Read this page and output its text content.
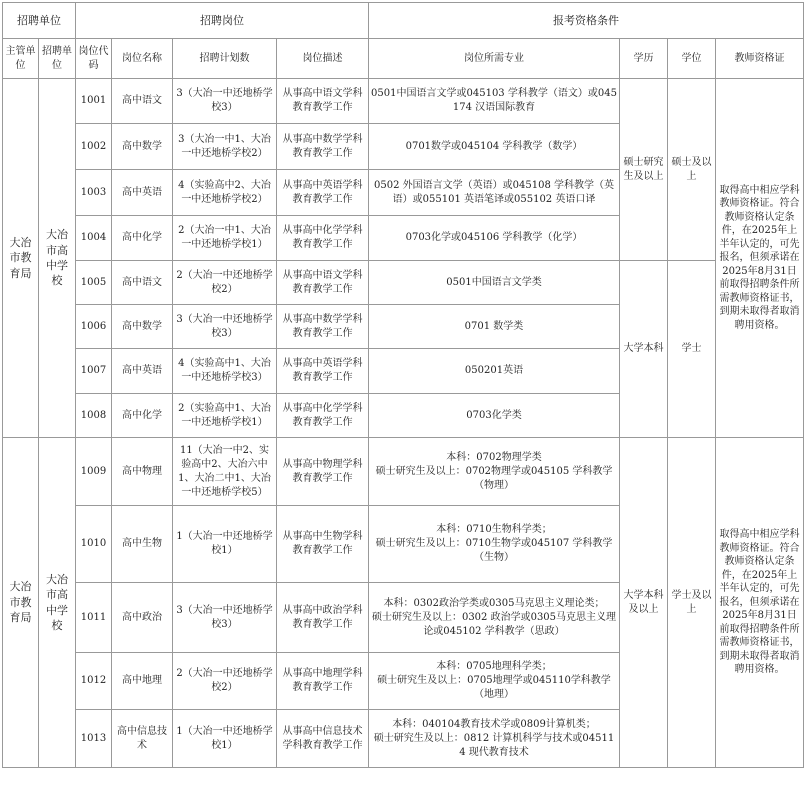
招聘单位		招聘岗位				报考资格条件			
主管单位	招聘单位	岗位代码	岗位名称	招聘计划数	岗位描述	岗位所需专业	学历	学位	教师资格证
大冶市教育局	大冶市高中学校	1001	高中语文	3（大冶一中还地桥学校3）	从事高中语文学科教育教学工作	0501中国语言文学或045103 学科教学（语文）或045174 汉语国际教育	硕士研究生及以上	硕士及以上	取得高中相应学科教师资格证。符合教师资格认定条件，在2025年上半年认定的，可先报名，但须承诺在2025年8月31日前取得招聘条件所需教师资格证书，到期未取得者取消聘用资格。
		1002	高中数学	3（大冶一中1、大冶一中还地桥学校2）	从事高中数学学科教育教学工作	0701数学或045104 学科教学（数学）			
		1003	高中英语	4（实验高中2、大冶一中还地桥学校2）	从事高中英语学科教育教学工作	0502 外国语言文学（英语）或045108 学科教学（英语）或055101 英语笔译或055102 英语口译			
		1004	高中化学	2（大冶一中1、大冶一中还地桥学校1）	从事高中化学学科教育教学工作	0703化学或045106 学科教学（化学）			
		1005	高中语文	2（大冶一中还地桥学校2）	从事高中语文学科教育教学工作	0501中国语言文学类	大学本科	学士	
		1006	高中数学	3（大冶一中还地桥学校3）	从事高中数学学科教育教学工作	0701 数学类			
		1007	高中英语	4（实验高中1、大冶一中还地桥学校3）	从事高中英语学科教育教学工作	050201英语			
		1008	高中化学	2（实验高中1、大冶一中还地桥学校1）	从事高中化学学科教育教学工作	0703化学类			
大冶市教育局	大冶市高中学校	1009	高中物理	11（大冶一中2、实验高中2、大冶六中1、大冶二中1、大冶一中还地桥学校5）	从事高中物理学科教育教学工作	本科：0702物理学类
硕士研究生及以上：0702物理学或045105 学科教学（物理）	大学本科及以上	学士及以上	取得高中相应学科教师资格证。符合教师资格认定条件，在2025年上半年认定的，可先报名，但须承诺在2025年8月31日前取得招聘条件所需教师资格证书，到期未取得者取消聘用资格。
		1010	高中生物	1（大冶一中还地桥学校1）	从事高中生物学科教育教学工作	本科：0710生物科学类；
硕士研究生及以上：0710生物学或045107 学科教学（生物）			
		1011	高中政治	3（大冶一中还地桥学校3）	从事高中政治学科教育教学工作	本科：0302政治学类或0305马克思主义理论类；
硕士研究生及以上：0302 政治学或0305马克思主义理论或045102 学科教学（思政）			
		1012	高中地理	2（大冶一中还地桥学校2）	从事高中地理学科教育教学工作	本科：0705地理科学类；
硕士研究生及以上：0705地理学或045110学科教学（地理）			
		1013	高中信息技术	1（大冶一中还地桥学校1）	从事高中信息技术学科教育教学工作	本科：040104教育技术学或0809计算机类；
硕士研究生及以上：0812 计算机科学与技术或045114 现代教育技术			
